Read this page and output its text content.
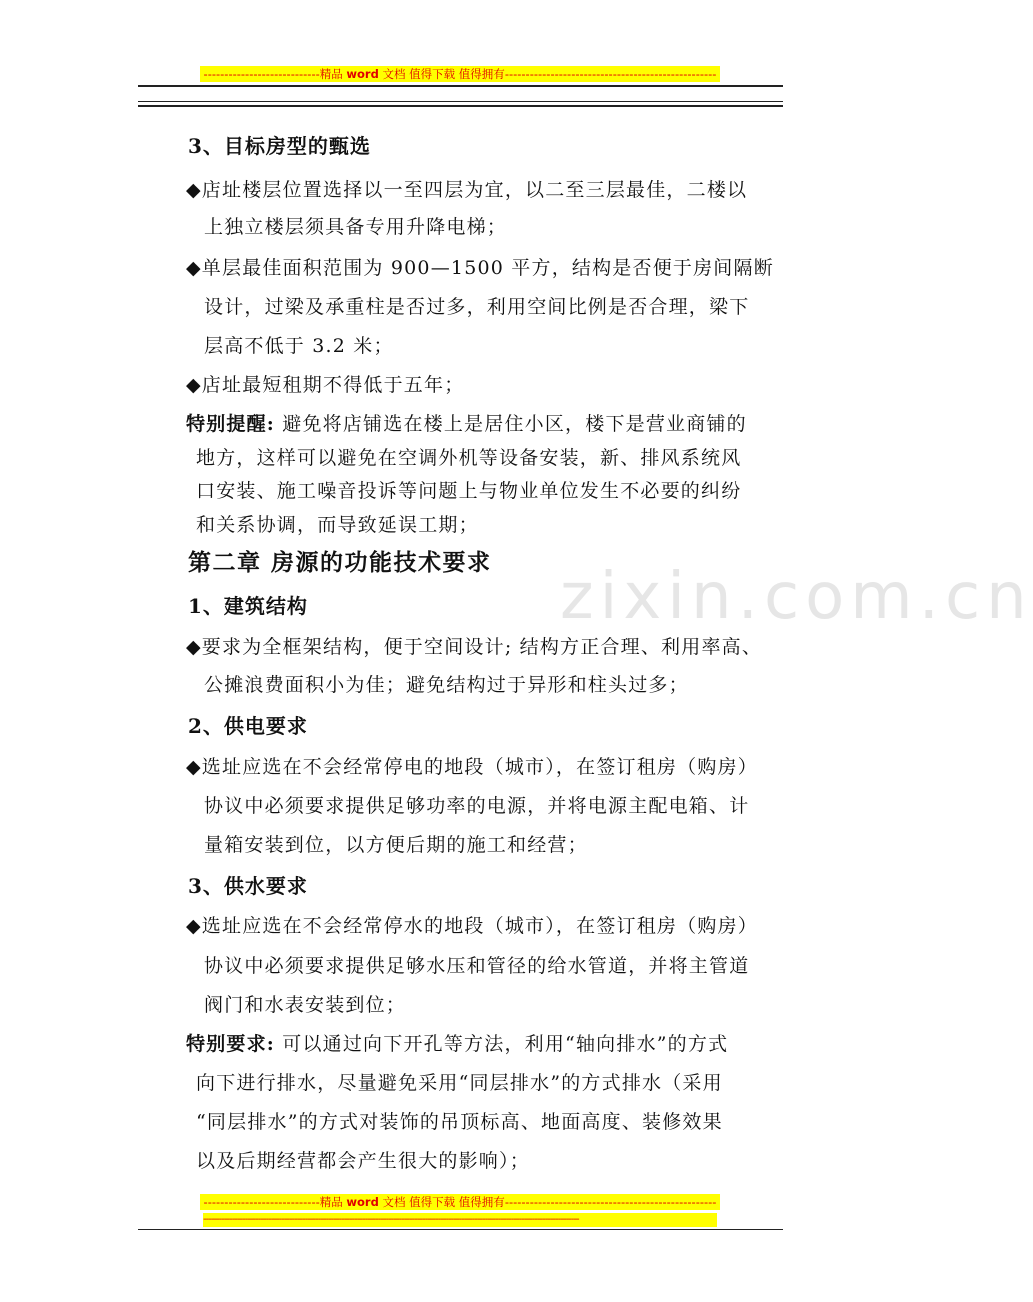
----------------------------精品 word 文档 值得下载 值得拥有---------------------------------------------------
zixin.com.cn
3、目标房型的甄选
◆店址楼层位置选择以一至四层为宜，以二至三层最佳，二楼以
上独立楼层须具备专用升降电梯；
◆单层最佳面积范围为 900—1500 平方，结构是否便于房间隔断
设计，过梁及承重柱是否过多，利用空间比例是否合理，梁下
层高不低于 3.2 米；
◆店址最短租期不得低于五年；
特别提醒: 避免将店铺选在楼上是居住小区，楼下是营业商铺的
地方，这样可以避免在空调外机等设备安装，新、排风系统风
口安装、施工噪音投诉等问题上与物业单位发生不必要的纠纷
和关系协调，而导致延误工期；
第二章 房源的功能技术要求
1、建筑结构
◆要求为全框架结构，便于空间设计; 结构方正合理、利用率高、
公摊浪费面积小为佳；避免结构过于异形和柱头过多；
2、供电要求
◆选址应选在不会经常停电的地段（城市），在签订租房（购房）
协议中必须要求提供足够功率的电源，并将电源主配电箱、计
量箱安装到位，以方便后期的施工和经营；
3、供水要求
◆选址应选在不会经常停水的地段（城市），在签订租房（购房）
协议中必须要求提供足够水压和管径的给水管道，并将主管道
阀门和水表安装到位；
特别要求: 可以通过向下开孔等方法，利用“轴向排水”的方式
向下进行排水，尽量避免采用“同层排水”的方式排水（采用
“同层排水”的方式对装饰的吊顶标高、地面高度、装修效果
以及后期经营都会产生很大的影响）；
----------------------------精品 word 文档 值得下载 值得拥有---------------------------------------------------
------------------------------------------------------------------------------------------------------------------------------------------------
